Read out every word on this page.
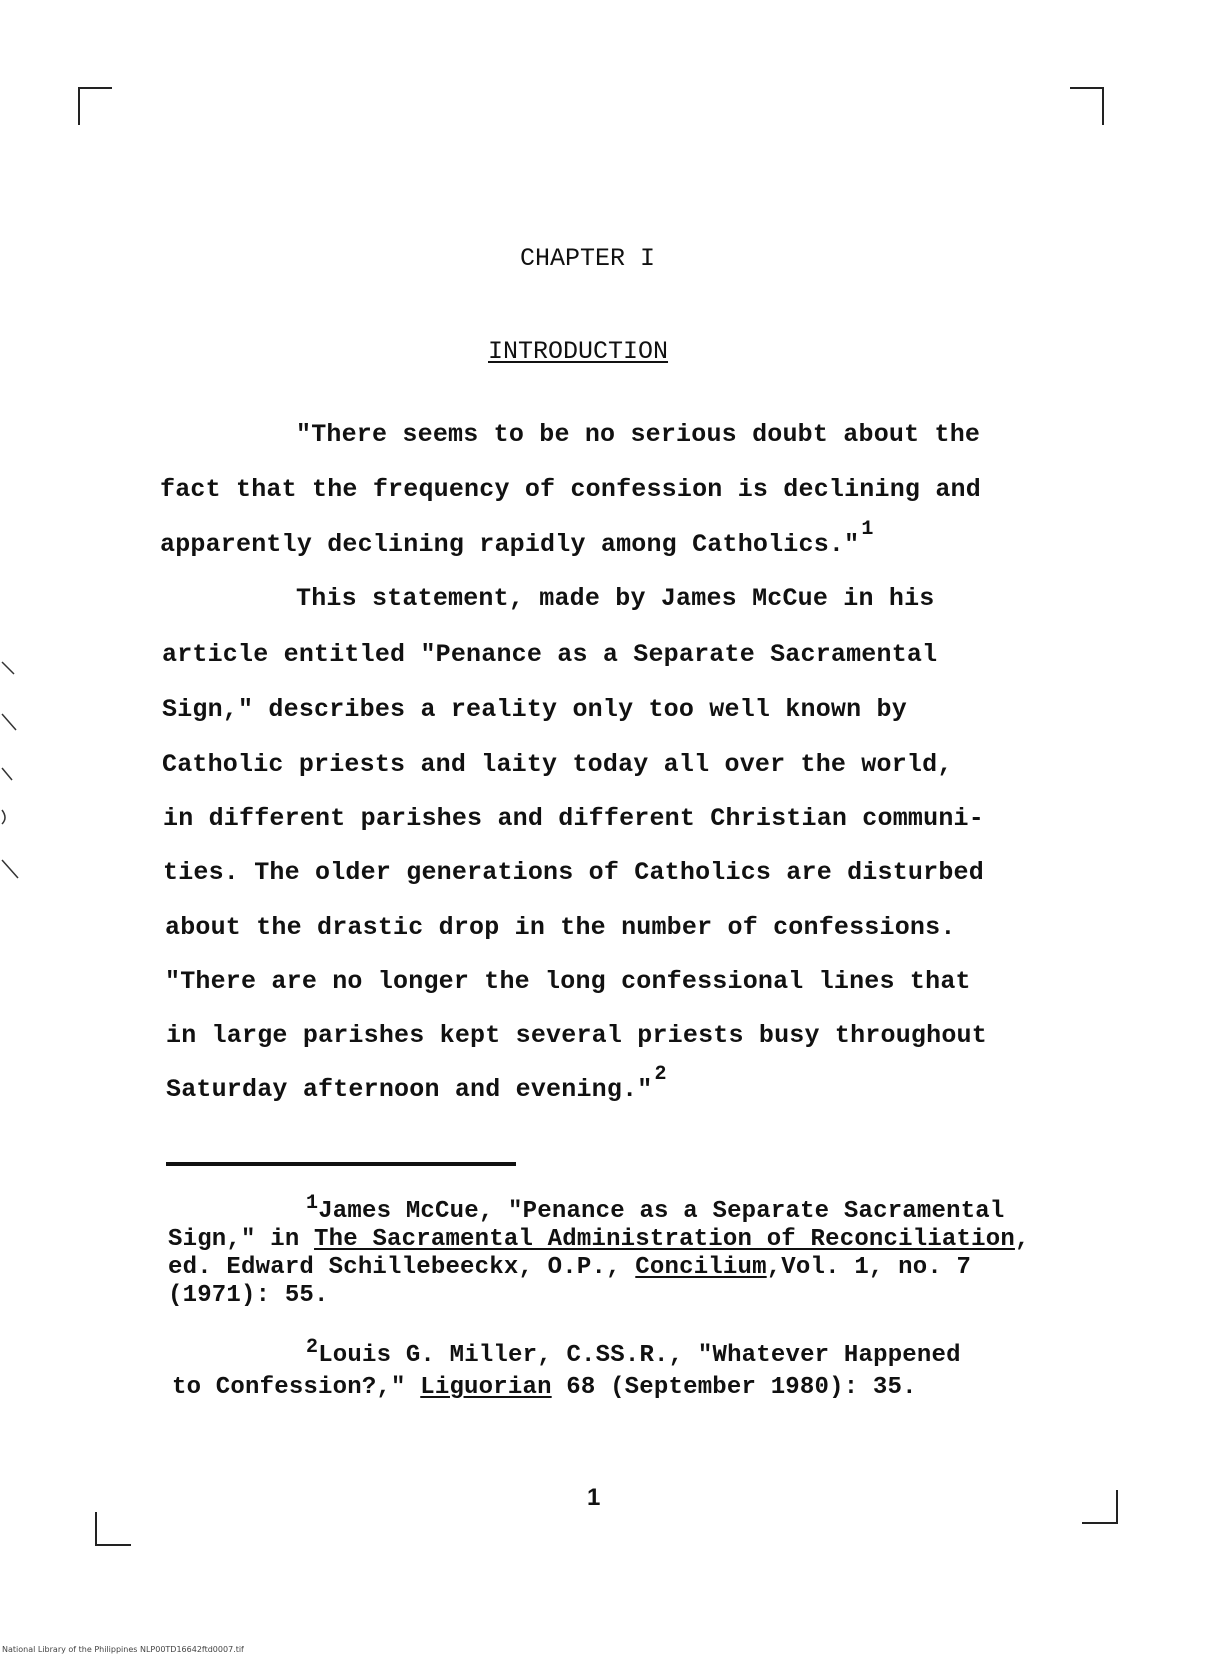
CHAPTER I
INTRODUCTION
"There seems to be no serious doubt about the
fact that the frequency of confession is declining and
apparently declining rapidly among Catholics."$^1$
This statement, made by James McCue in his
article entitled "Penance as a Separate Sacramental
Sign," describes a reality only too well known by
Catholic priests and laity today all over the world,
in different parishes and different Christian communi-
ties. The older generations of Catholics are disturbed
about the drastic drop in the number of confessions.
"There are no longer the long confessional lines that
in large parishes kept several priests busy throughout
Saturday afternoon and evening."$^2$
$^1$James McCue, "Penance as a Separate Sacramental
Sign," in The Sacramental Administration of Reconciliation,
ed. Edward Schillebeeckx, O.P., Concilium,Vol. 1, no. 7
(1971): 55.
$^2$Louis G. Miller, C.SS.R., "Whatever Happened
to Confession?," Liguorian 68 (September 1980): 35.
1
National Library of the Philippines NLP00TD16642ftd0007.tif
